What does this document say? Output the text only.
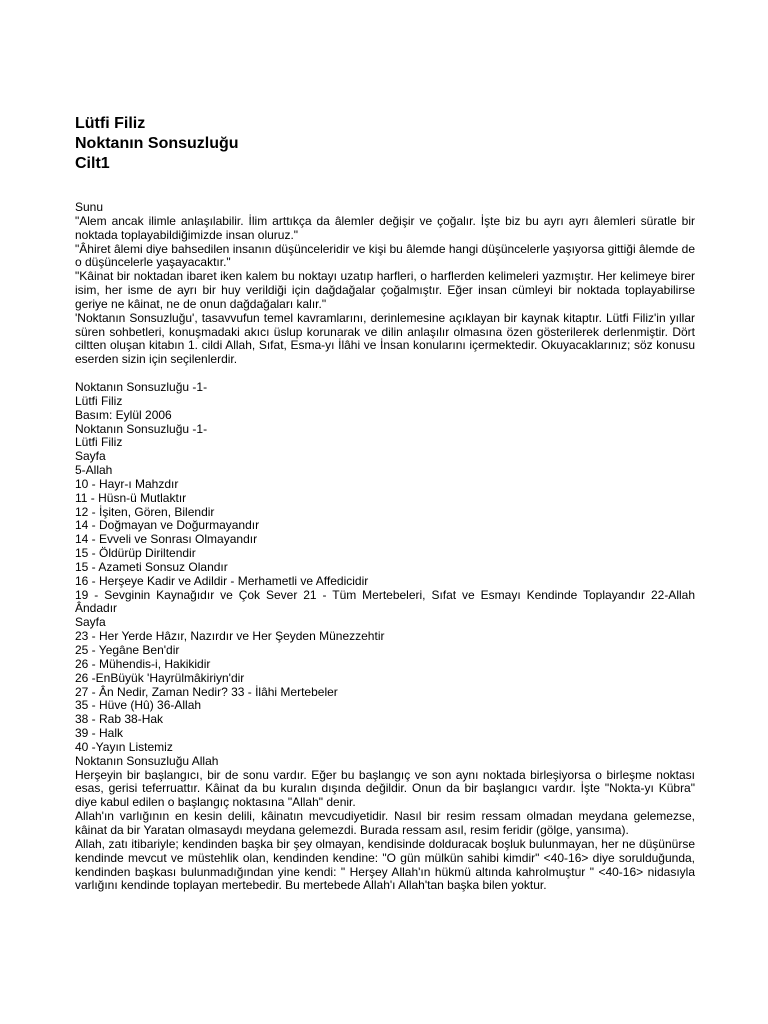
Lütfi Filiz

Noktanın Sonsuzluğu

Cilt1

Sunu

"Alem ancak ilimle anlaşılabilir. İlim arttıkça da âlemler değişir ve çoğalır. İşte biz bu ayrı ayrı âlemleri süratle bir noktada toplayabildiğimizde insan oluruz."

"Âhiret âlemi diye bahsedilen insanın düşünceleridir ve kişi bu âlemde hangi düşüncelerle yaşıyorsa gittiği âlemde de o düşüncelerle yaşayacaktır."

"Kâinat bir noktadan ibaret iken kalem bu noktayı uzatıp harfleri, o harflerden kelimeleri yazmıştır. Her kelimeye birer isim, her isme de ayrı bir huy verildiği için dağdağalar çoğalmıştır. Eğer insan cümleyi bir noktada toplayabilirse geriye ne kâinat, ne de onun dağdağaları kalır."

'Noktanın Sonsuzluğu', tasavvufun temel kavramlarını, derinlemesine açıklayan bir kaynak kitaptır. Lütfi Filiz'in yıllar süren sohbetleri, konuşmadaki akıcı üslup korunarak ve dilin anlaşılır olmasına özen gösterilerek derlenmiştir. Dört ciltten oluşan kitabın 1. cildi Allah, Sıfat, Esma-yı İlâhi ve İnsan konularını içermektedir. Okuyacaklarınız; söz konusu eserden sizin için seçilenlerdir.

Noktanın Sonsuzluğu -1-

Lütfi Filiz

Basım: Eylül 2006

Noktanın Sonsuzluğu -1-

Lütfi Filiz

Sayfa

5-Allah

10 - Hayr-ı Mahzdır

11 - Hüsn-ü Mutlaktır

12 - İşiten, Gören, Bilendir

14 - Doğmayan ve Doğurmayandır

14 - Evveli ve Sonrası Olmayandır

15 - Öldürüp Diriltendir

15 - Azameti Sonsuz Olandır

16 - Herşeye Kadir ve Adildir - Merhametli ve Affedicidir

19 - Sevginin Kaynağıdır ve Çok Sever 21 - Tüm Mertebeleri, Sıfat ve Esmayı Kendinde Toplayandır 22-Allah Ândadır

Sayfa

23 - Her Yerde Hâzır, Nazırdır ve Her Şeyden Münezzehtir

25 - Yegâne Ben'dir

26 - Mühendis-i, Hakikidir

26 -EnBüyük 'Hayrülmâkiriyn'dir

27 - Ân Nedir, Zaman Nedir? 33 - İlâhi Mertebeler

35 - Hüve (Hû) 36-Allah

38 - Rab 38-Hak

39 - Halk

40 -Yayın Listemiz

Noktanın Sonsuzluğu Allah

Herşeyin bir başlangıcı, bir de sonu vardır. Eğer bu başlangıç ve son aynı noktada birleşiyorsa o birleşme noktası esas, gerisi teferruattır. Kâinat da bu kuralın dışında değildir. Onun da bir başlangıcı vardır. İşte "Nokta-yı Kübra" diye kabul edilen o başlangıç noktasına "Allah" denir.

Allah'ın varlığının en kesin delili, kâinatın mevcudiyetidir. Nasıl bir resim ressam olmadan meydana gelemezse, kâinat da bir Yaratan olmasaydı meydana gelemezdi. Burada ressam asıl, resim feridir (gölge, yansıma).

Allah, zatı itibariyle; kendinden başka bir şey olmayan, kendisinde dolduracak boşluk bulunmayan, her ne düşünürse kendinde mevcut ve müstehlik olan, kendinden kendine: "O gün mülkün sahibi kimdir" <40-16> diye sorulduğunda, kendinden başkası bulunmadığından yine kendi: " Herşey Allah'ın hükmü altında kahrolmuştur " <40-16> nidasıyla varlığını kendinde toplayan mertebedir. Bu mertebede Allah'ı Allah'tan başka bilen yoktur.
